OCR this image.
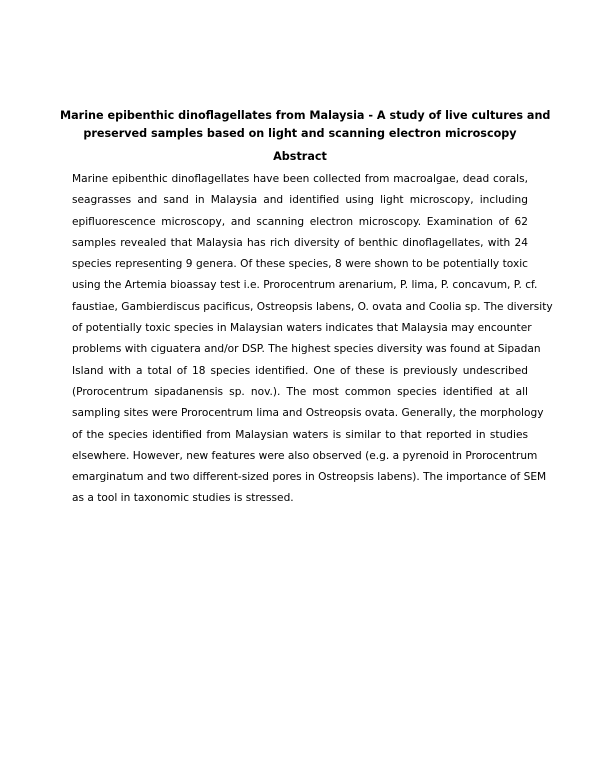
Marine epibenthic dinoflagellates from Malaysia - A study of live cultures and
preserved samples based on light and scanning electron microscopy
Abstract
Marine epibenthic dinoflagellates have been collected from macroalgae, dead corals,
seagrasses and sand in Malaysia and identified using light microscopy, including
epifluorescence microscopy, and scanning electron microscopy. Examination of 62
samples revealed that Malaysia has rich diversity of benthic dinoflagellates, with 24
species representing 9 genera. Of these species, 8 were shown to be potentially toxic
using the Artemia bioassay test i.e. Prorocentrum arenarium, P. lima, P. concavum, P. cf.
faustiae, Gambierdiscus pacificus, Ostreopsis labens, O. ovata and Coolia sp. The diversity
of potentially toxic species in Malaysian waters indicates that Malaysia may encounter
problems with ciguatera and/or DSP. The highest species diversity was found at Sipadan
Island with a total of 18 species identified. One of these is previously undescribed
(Prorocentrum sipadanensis sp. nov.). The most common species identified at all
sampling sites were Prorocentrum lima and Ostreopsis ovata. Generally, the morphology
of the species identified from Malaysian waters is similar to that reported in studies
elsewhere. However, new features were also observed (e.g. a pyrenoid in Prorocentrum
emarginatum and two different-sized pores in Ostreopsis labens). The importance of SEM
as a tool in taxonomic studies is stressed.
